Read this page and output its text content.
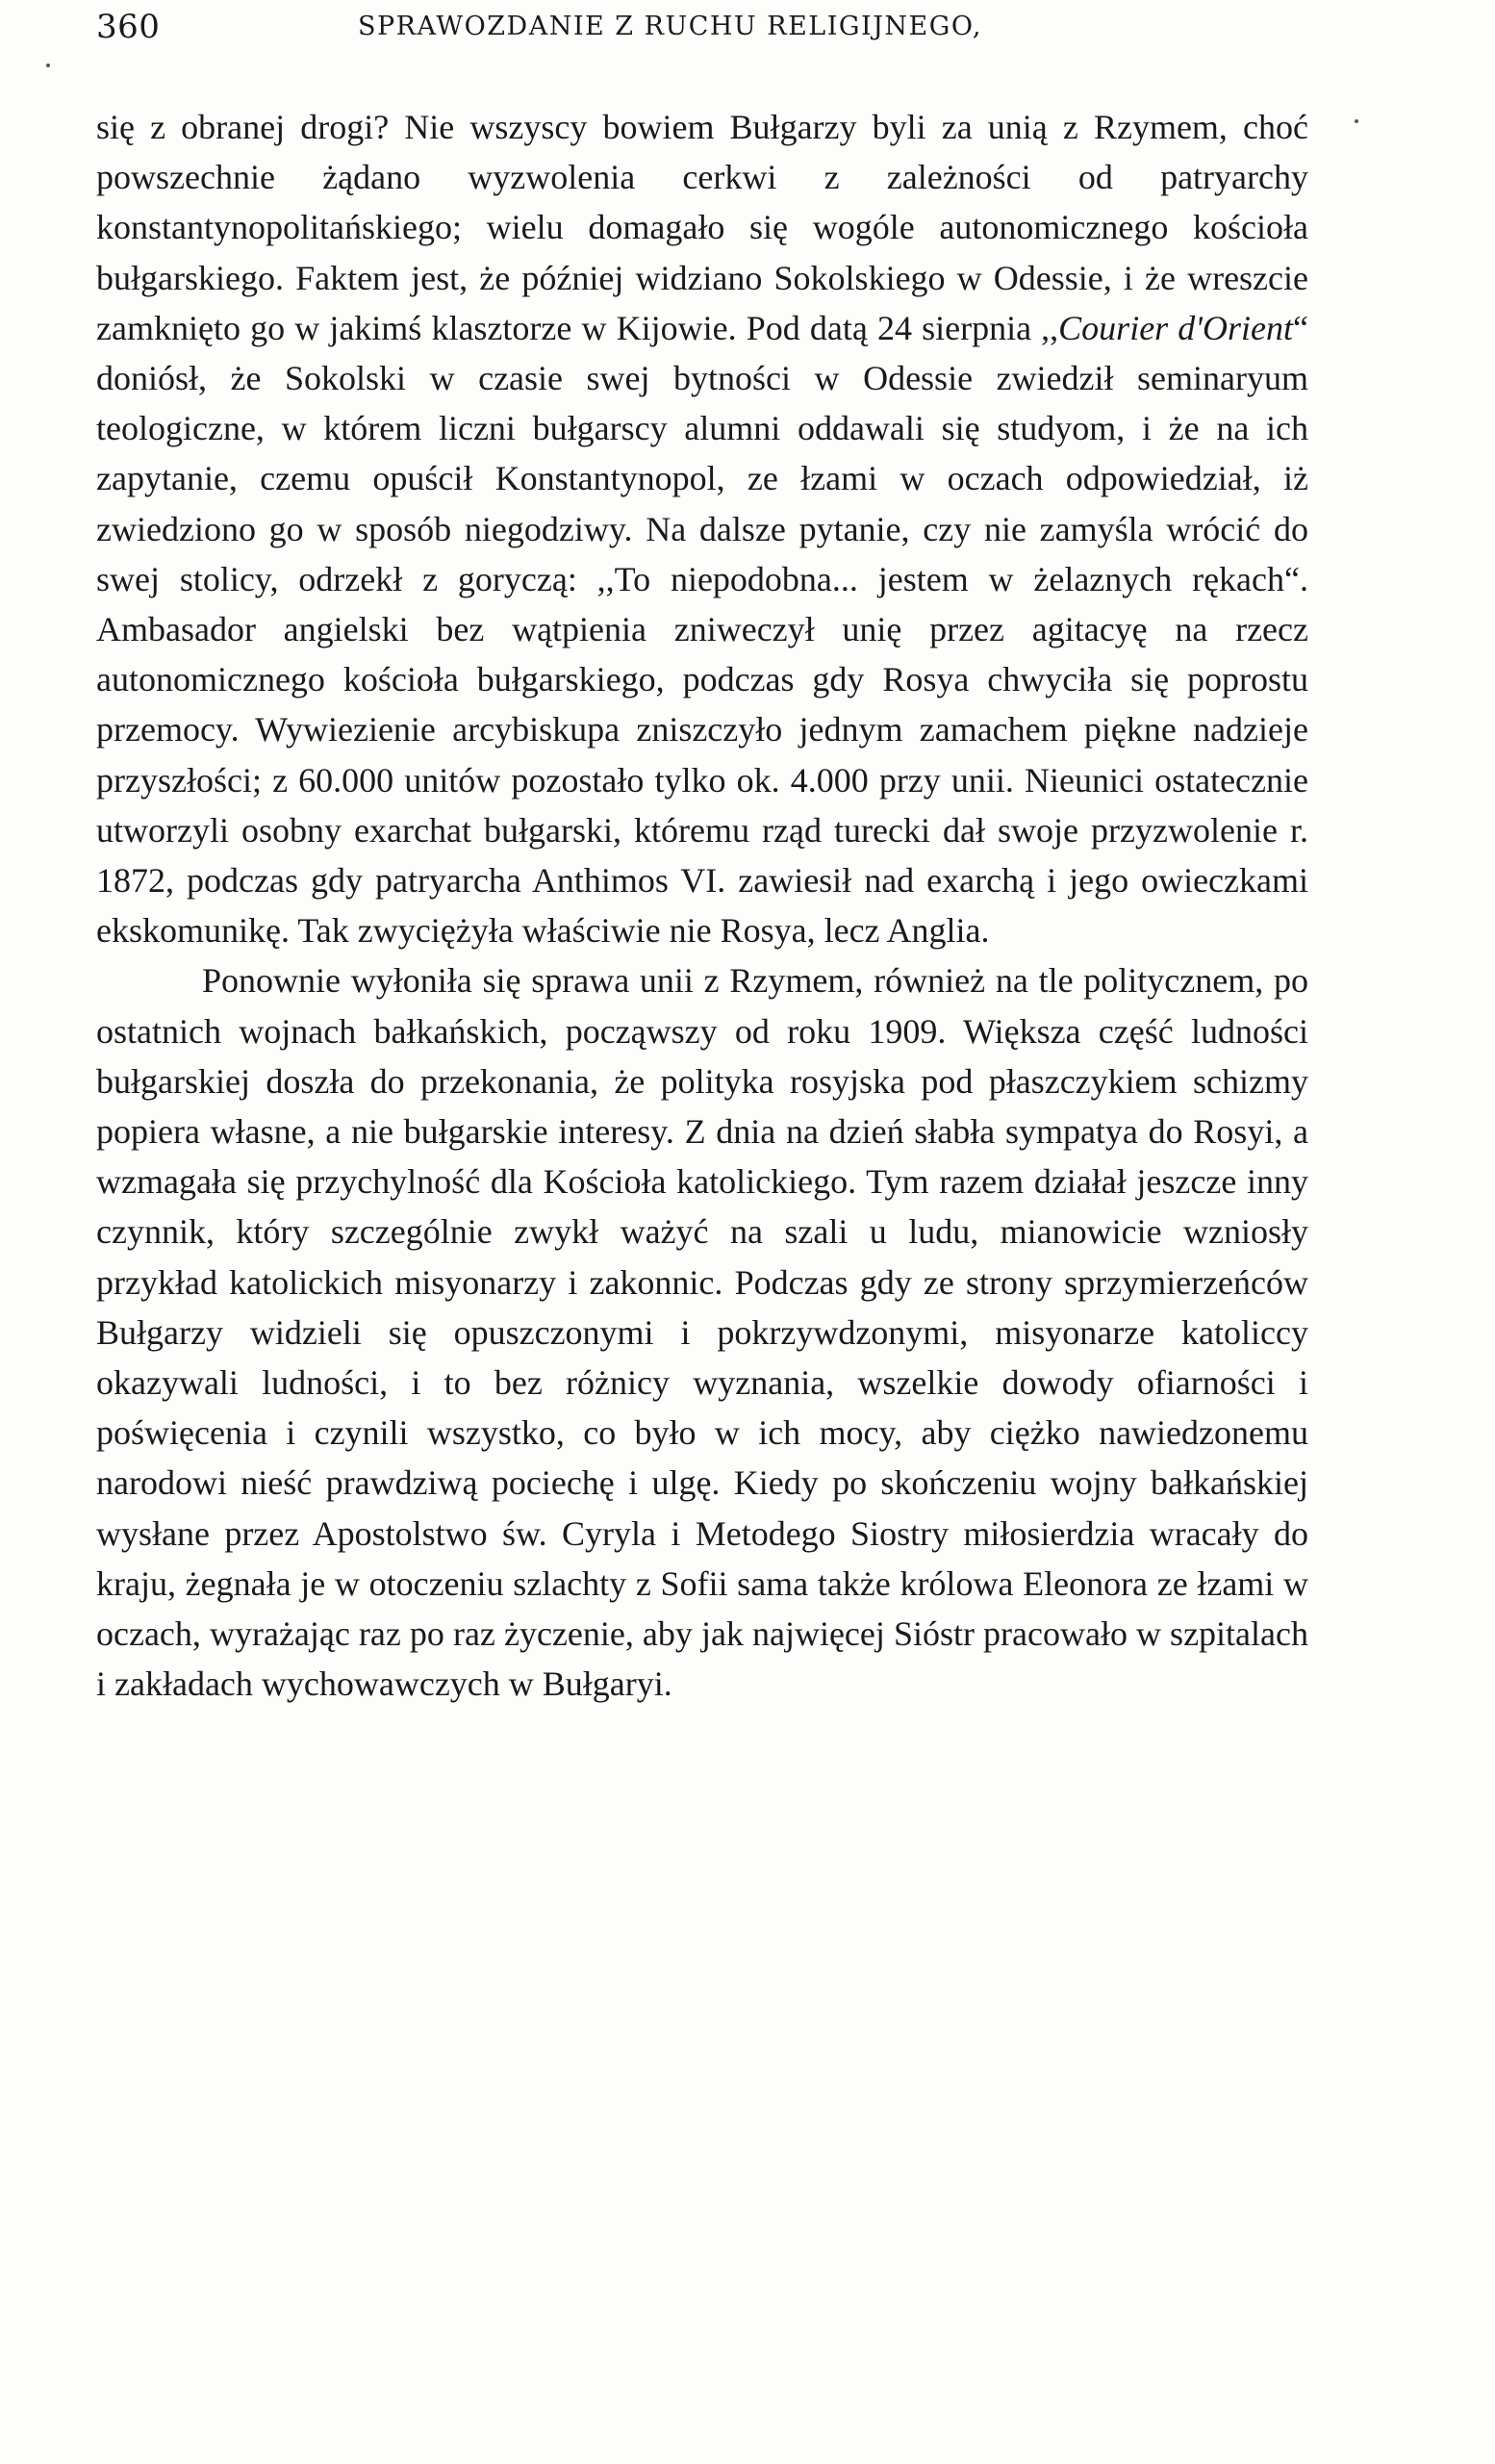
360	SPRAWOZDANIE Z RUCHU RELIGIJNEGO,

się z obranej drogi? Nie wszyscy bowiem Bułgarzy byli za unią z Rzymem, choć powszechnie żądano wyzwolenia cerkwi z zależności od patryarchy konstantynopolitańskiego; wielu domagało się wogóle autonomicznego kościoła bułgarskiego. Faktem jest, że później widziano Sokolskiego w Odessie, i że wreszcie zamknięto go w jakimś klasztorze w Kijowie. Pod datą 24 sierpnia ,,Courier d'Orient“ doniósł, że Sokolski w czasie swej bytności w Odessie zwiedził seminaryum teologiczne, w którem liczni bułgarscy alumni oddawali się studyom, i że na ich zapytanie, czemu opuścił Konstantynopol, ze łzami w oczach odpowiedział, iż zwiedziono go w sposób niegodziwy. Na dalsze pytanie, czy nie zamyśla wrócić do swej stolicy, odrzekł z goryczą: ,,To niepodobna... jestem w żelaznych rękach“. Ambasador angielski bez wątpienia zniweczył unię przez agitacyę na rzecz autonomicznego kościoła bułgarskiego, podczas gdy Rosya chwyciła się poprostu przemocy. Wywiezienie arcybiskupa zniszczyło jednym zamachem piękne nadzieje przyszłości; z 60.000 unitów pozostało tylko ok. 4.000 przy unii. Nieunici ostatecznie utworzyli osobny exarchat bułgarski, któremu rząd turecki dał swoje przyzwolenie r. 1872, podczas gdy patryarcha Anthimos VI. zawiesił nad exarchą i jego owieczkami ekskomunikę. Tak zwyciężyła właściwie nie Rosya, lecz Anglia.

Ponownie wyłoniła się sprawa unii z Rzymem, również na tle politycznem, po ostatnich wojnach bałkańskich, począwszy od roku 1909. Większa część ludności bułgarskiej doszła do przekonania, że polityka rosyjska pod płaszczykiem schizmy popiera własne, a nie bułgarskie interesy. Z dnia na dzień słabła sympatya do Rosyi, a wzmagała się przychylność dla Kościoła katolickiego. Tym razem działał jeszcze inny czynnik, który szczególnie zwykł ważyć na szali u ludu, mianowicie wzniosły przykład katolickich misyonarzy i zakonnic. Podczas gdy ze strony sprzymierzeńców Bułgarzy widzieli się opuszczonymi i pokrzywdzonymi, misyonarze katoliccy okazywali ludności, i to bez różnicy wyznania, wszelkie dowody ofiarności i poświęcenia i czynili wszystko, co było w ich mocy, aby ciężko nawiedzonemu narodowi nieść prawdziwą pociechę i ulgę. Kiedy po skończeniu wojny bałkańskiej wysłane przez Apostolstwo św. Cyryla i Metodego Siostry miłosierdzia wracały do kraju, żegnała je w otoczeniu szlachty z Sofii sama także królowa Eleonora ze łzami w oczach, wyrażając raz po raz życzenie, aby jak najwięcej Sióstr pracowało w szpitalach i zakładach wychowawczych w Bułgaryi.
